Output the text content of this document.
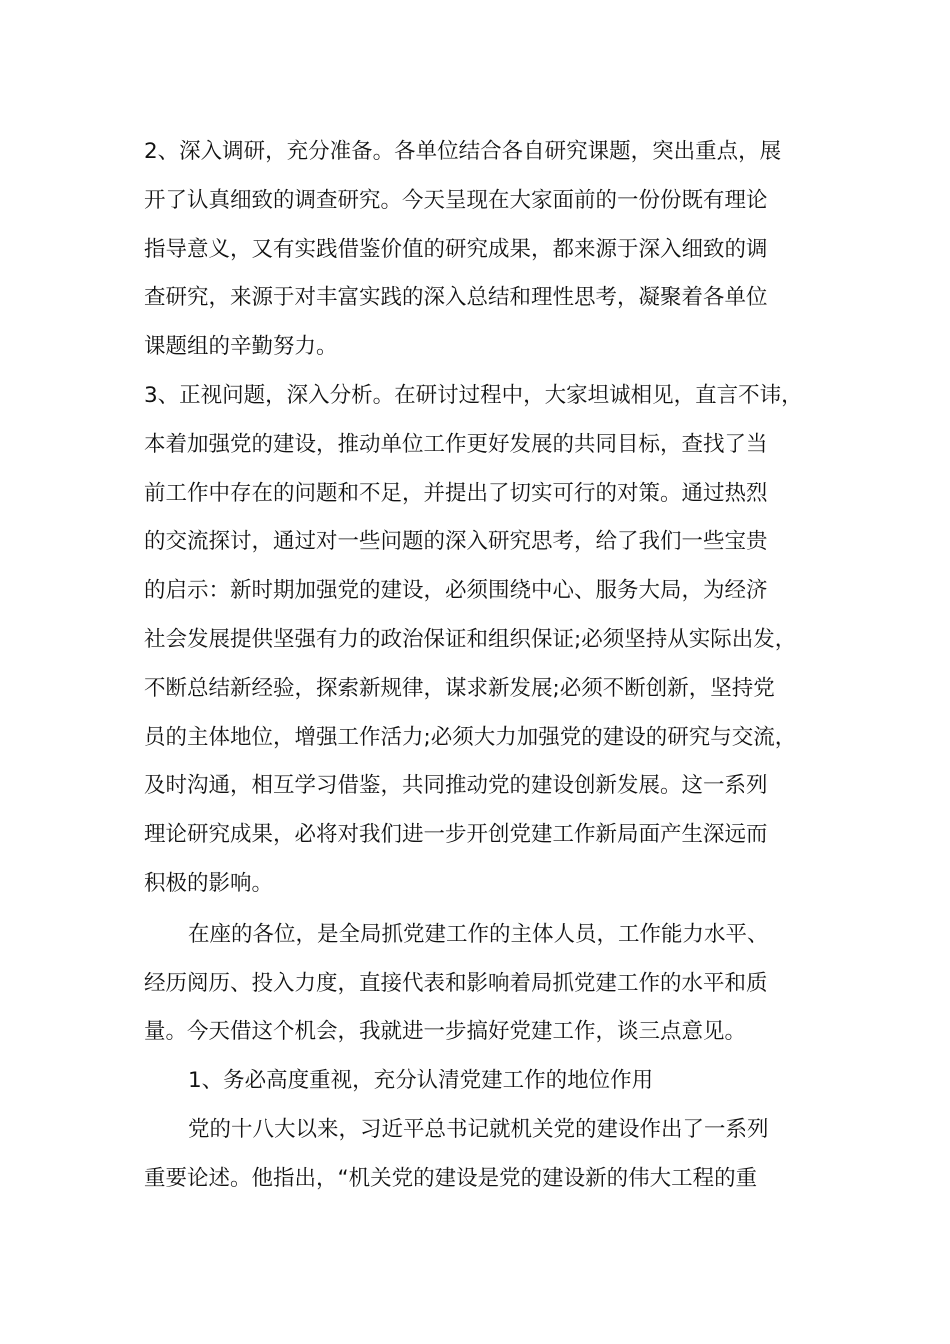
2、深入调研，充分准备。各单位结合各自研究课题，突出重点，展
开了认真细致的调查研究。今天呈现在大家面前的一份份既有理论
指导意义，又有实践借鉴价值的研究成果，都来源于深入细致的调
查研究，来源于对丰富实践的深入总结和理性思考，凝聚着各单位
课题组的辛勤努力。
3、正视问题，深入分析。在研讨过程中，大家坦诚相见，直言不讳，
本着加强党的建设，推动单位工作更好发展的共同目标，查找了当
前工作中存在的问题和不足，并提出了切实可行的对策。通过热烈
的交流探讨，通过对一些问题的深入研究思考，给了我们一些宝贵
的启示：新时期加强党的建设，必须围绕中心、服务大局，为经济
社会发展提供坚强有力的政治保证和组织保证;必须坚持从实际出发，
不断总结新经验，探索新规律，谋求新发展;必须不断创新，坚持党
员的主体地位，增强工作活力;必须大力加强党的建设的研究与交流，
及时沟通，相互学习借鉴，共同推动党的建设创新发展。这一系列
理论研究成果，必将对我们进一步开创党建工作新局面产生深远而
积极的影响。
在座的各位，是全局抓党建工作的主体人员，工作能力水平、
经历阅历、投入力度，直接代表和影响着局抓党建工作的水平和质
量。今天借这个机会，我就进一步搞好党建工作，谈三点意见。
1、务必高度重视，充分认清党建工作的地位作用
党的十八大以来，习近平总书记就机关党的建设作出了一系列
重要论述。他指出，“机关党的建设是党的建设新的伟大工程的重
